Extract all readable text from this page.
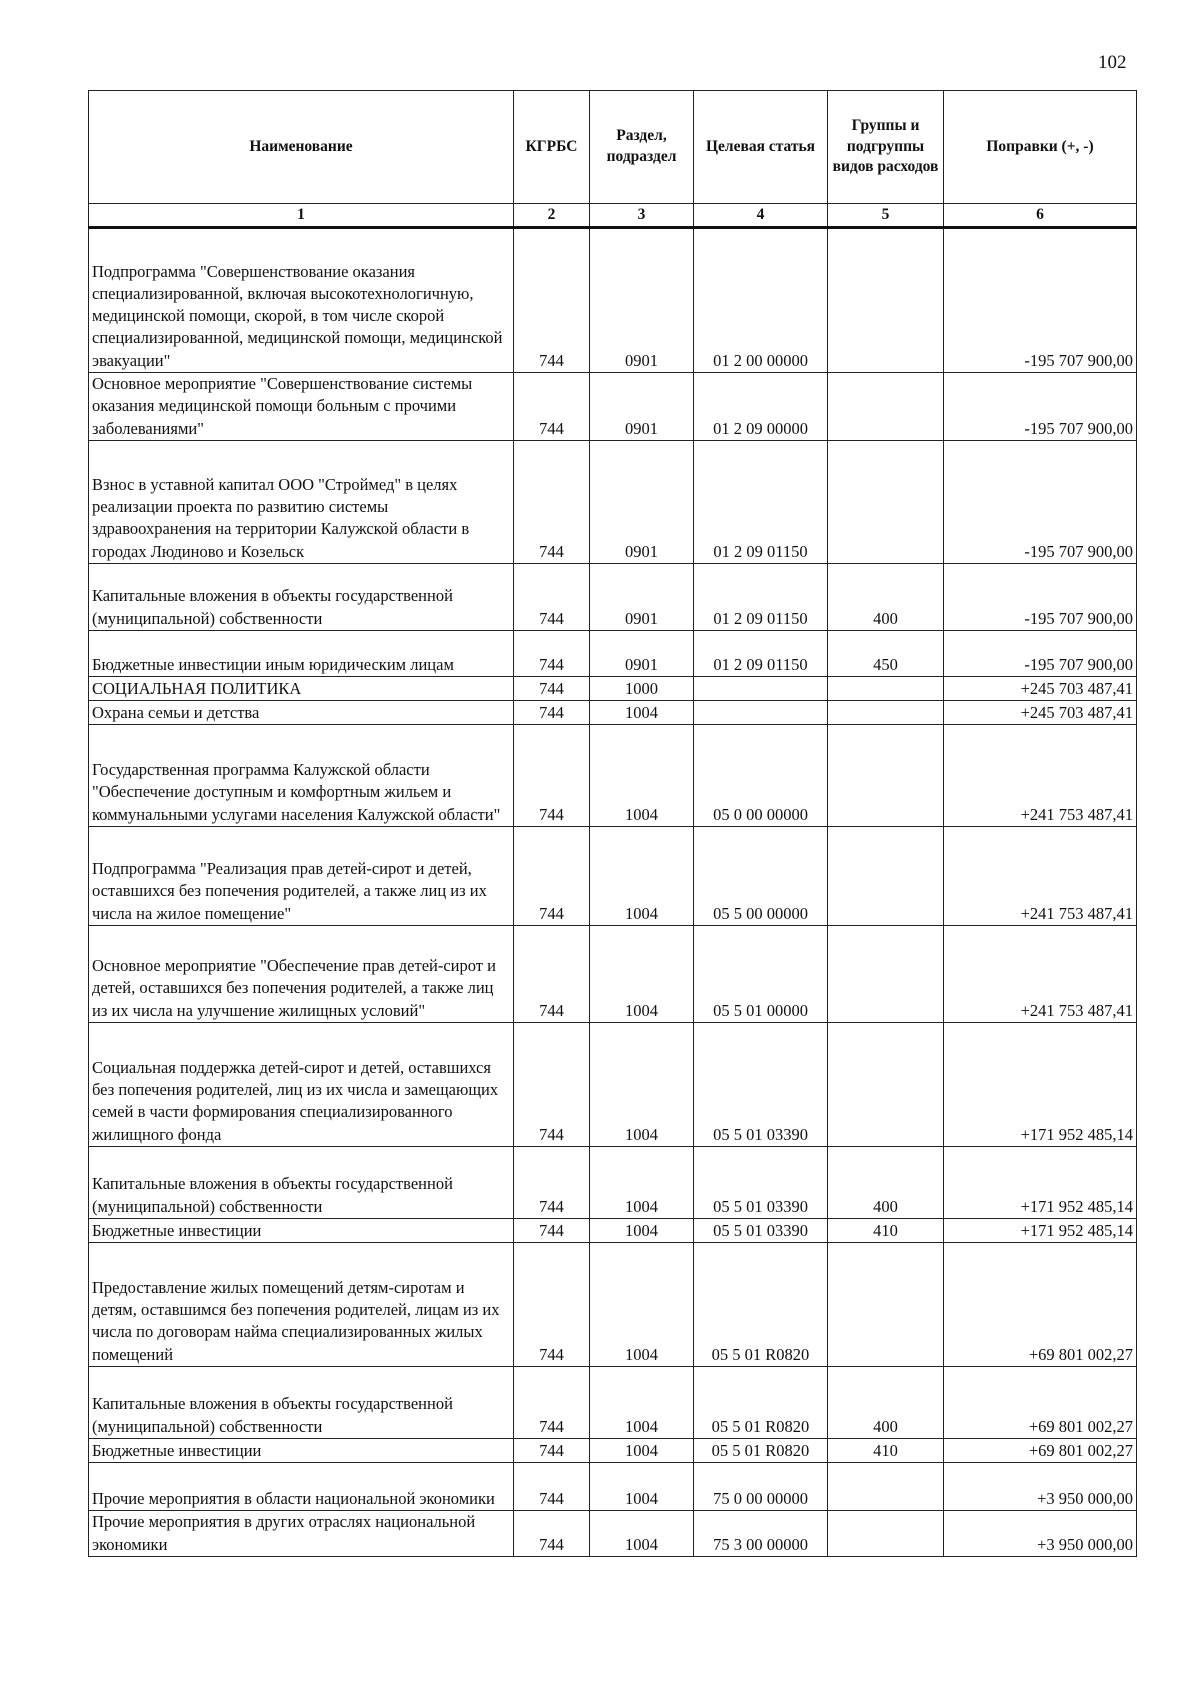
102
Наименование	КГРБС	Раздел, подраздел	Целевая статья	Группы и подгруппы видов расходов	Поправки (+, -)
1	2	3	4	5	6
Подпрограмма "Совершенствование оказания специализированной, включая высокотехнологичную, медицинской помощи, скорой, в том числе скорой специализированной, медицинской помощи, медицинской эвакуации"	744	0901	01 2 00 00000		-195 707 900,00
Основное мероприятие "Совершенствование системы оказания медицинской помощи больным с прочими заболеваниями"	744	0901	01 2 09 00000		-195 707 900,00
Взнос в уставной капитал ООО "Строймед" в целях реализации проекта по развитию системы здравоохранения на территории Калужской области в городах Людиново и Козельск	744	0901	01 2 09 01150		-195 707 900,00
Капитальные вложения в объекты государственной (муниципальной) собственности	744	0901	01 2 09 01150	400	-195 707 900,00
Бюджетные инвестиции иным юридическим лицам	744	0901	01 2 09 01150	450	-195 707 900,00
СОЦИАЛЬНАЯ ПОЛИТИКА	744	1000			+245 703 487,41
Охрана семьи и детства	744	1004			+245 703 487,41
Государственная программа Калужской области "Обеспечение доступным и комфортным жильем и коммунальными услугами населения Калужской области"	744	1004	05 0 00 00000		+241 753 487,41
Подпрограмма "Реализация прав детей-сирот и детей, оставшихся без попечения родителей, а также лиц из их числа на жилое помещение"	744	1004	05 5 00 00000		+241 753 487,41
Основное мероприятие "Обеспечение прав детей-сирот и детей, оставшихся без попечения родителей, а также лиц из их числа на улучшение жилищных условий"	744	1004	05 5 01 00000		+241 753 487,41
Социальная поддержка детей-сирот и детей, оставшихся без попечения родителей, лиц из их числа и замещающих семей в части формирования специализированного жилищного фонда	744	1004	05 5 01 03390		+171 952 485,14
Капитальные вложения в объекты государственной (муниципальной) собственности	744	1004	05 5 01 03390	400	+171 952 485,14
Бюджетные инвестиции	744	1004	05 5 01 03390	410	+171 952 485,14
Предоставление жилых помещений детям-сиротам и детям, оставшимся без попечения родителей, лицам из их числа по договорам найма специализированных жилых помещений	744	1004	05 5 01 R0820		+69 801 002,27
Капитальные вложения в объекты государственной (муниципальной) собственности	744	1004	05 5 01 R0820	400	+69 801 002,27
Бюджетные инвестиции	744	1004	05 5 01 R0820	410	+69 801 002,27
Прочие мероприятия в области национальной экономики	744	1004	75 0 00 00000		+3 950 000,00
Прочие мероприятия в других отраслях национальной экономики	744	1004	75 3 00 00000		+3 950 000,00
